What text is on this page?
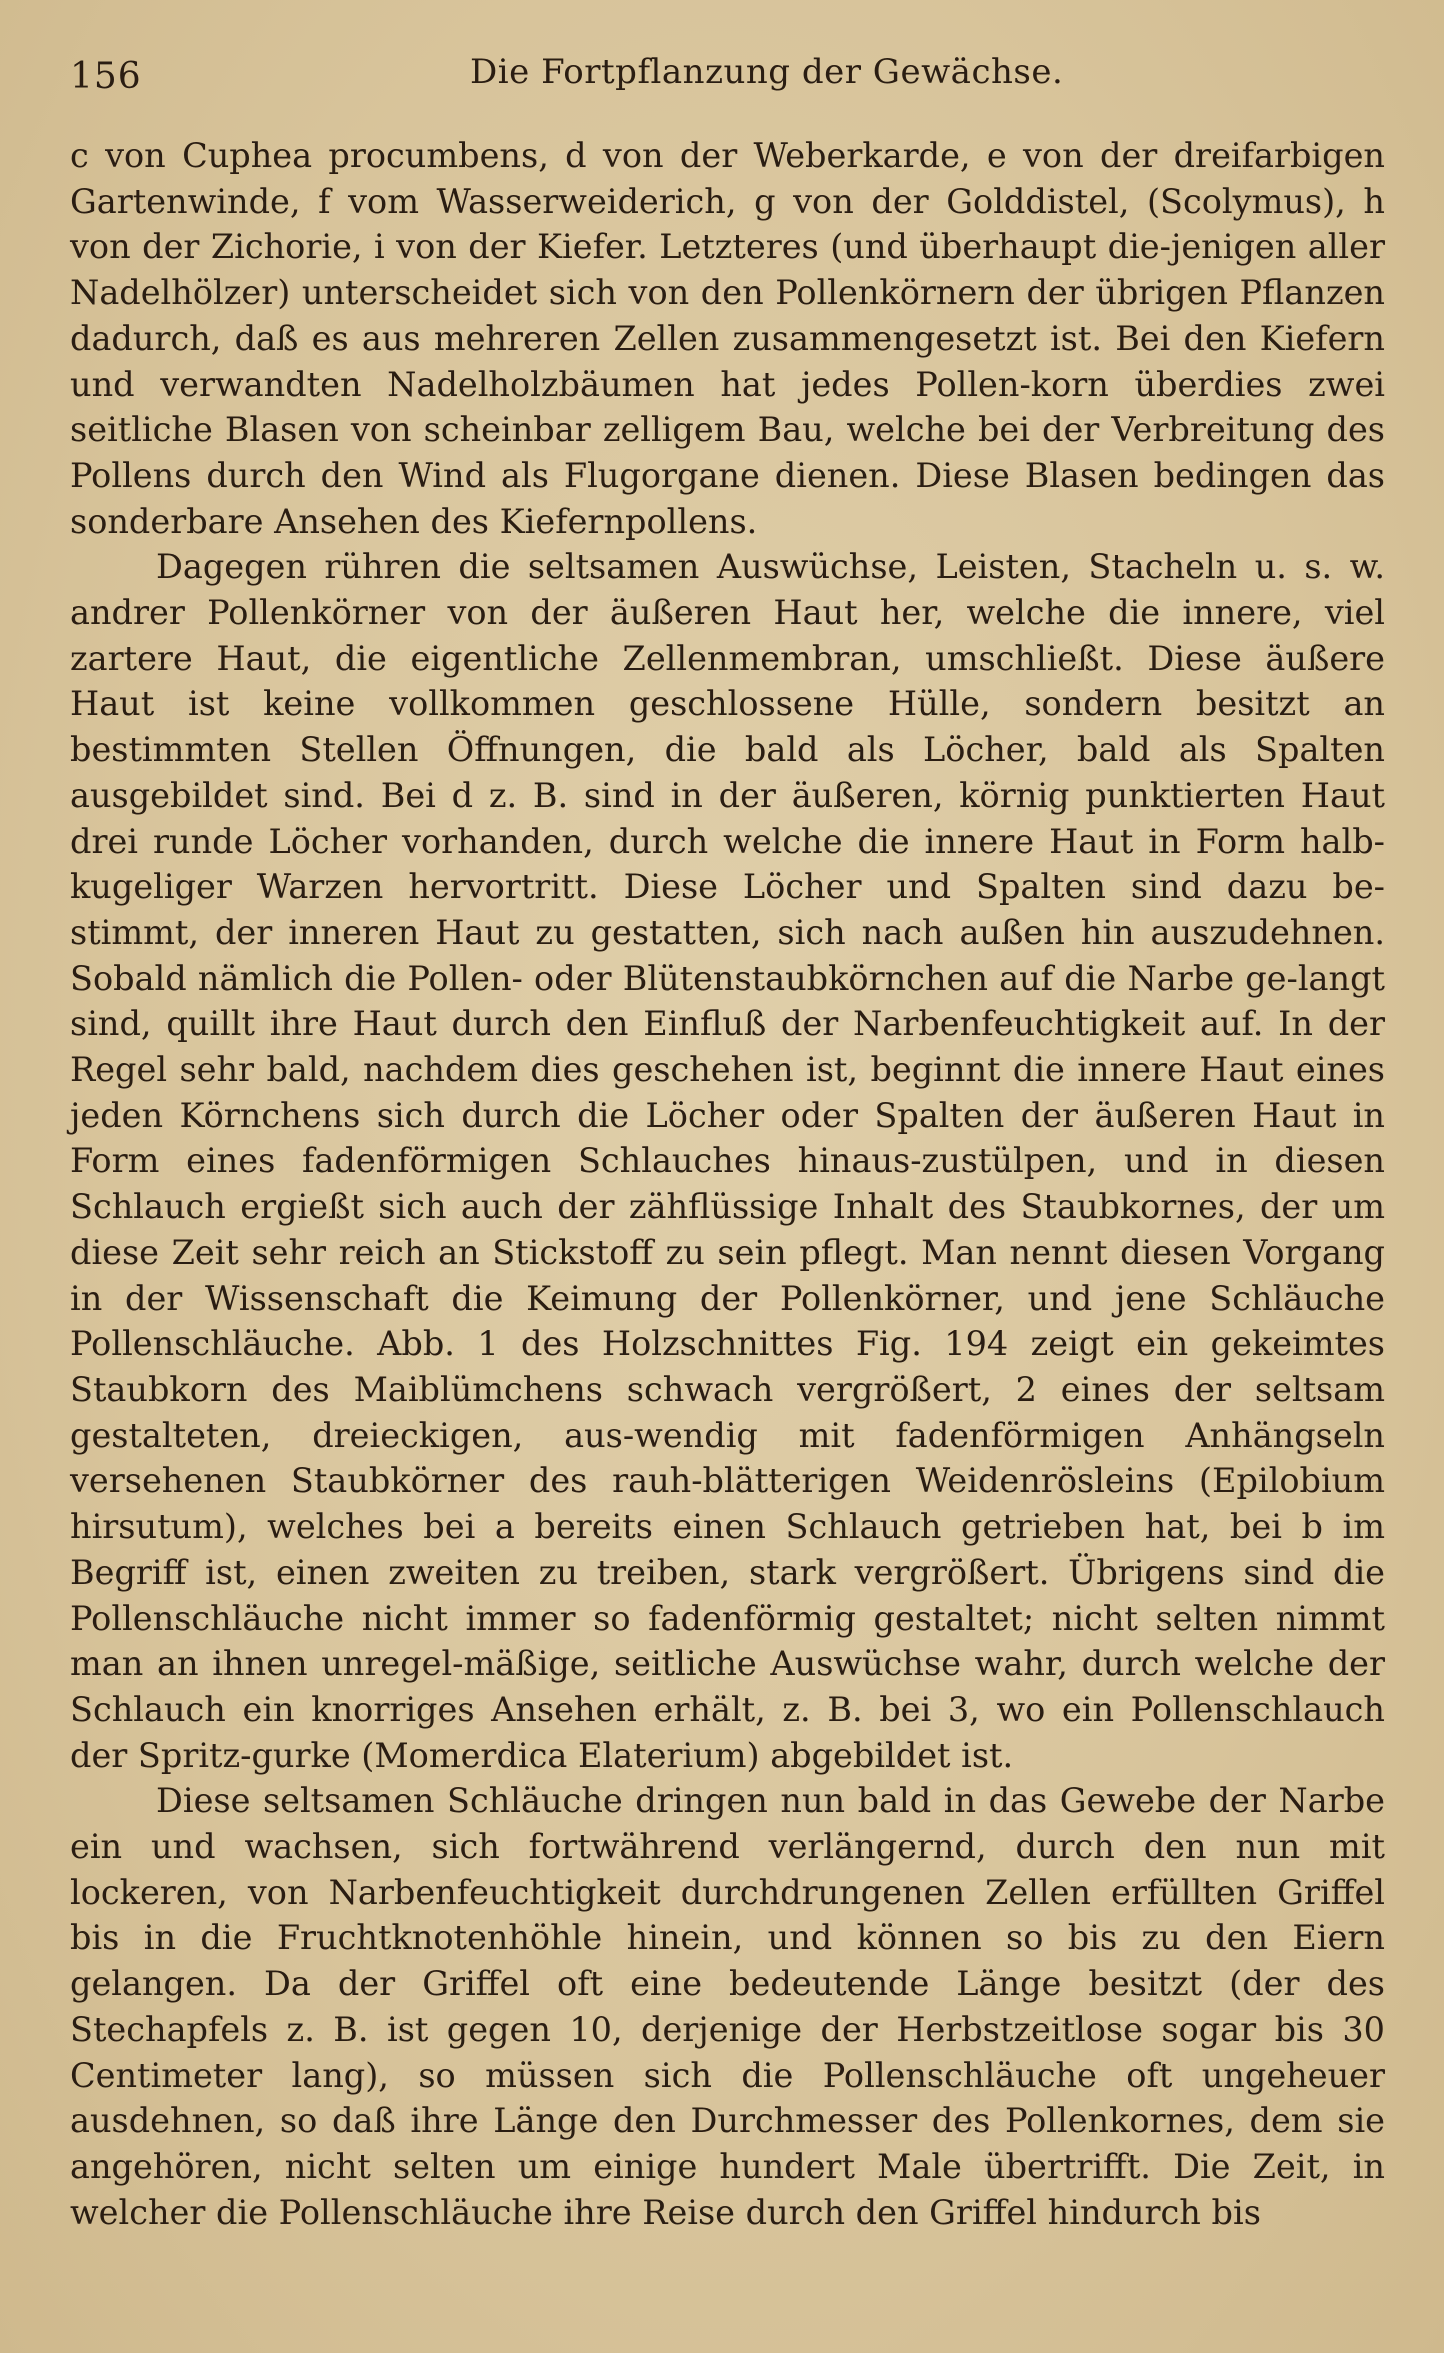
156	Die Fortpflanzung der Gewächse.

c von Cuphea procumbens, d von der Weberkarde, e von der dreifarbigen Gartenwinde, f vom Wasserweiderich, g von der Golddistel, (Scolymus), h von der Zichorie, i von der Kiefer. Letzteres (und überhaupt die-jenigen aller Nadelhölzer) unterscheidet sich von den Pollenkörnern der übrigen Pflanzen dadurch, daß es aus mehreren Zellen zusammengesetzt ist. Bei den Kiefern und verwandten Nadelholzbäumen hat jedes Pollen-korn überdies zwei seitliche Blasen von scheinbar zelligem Bau, welche bei der Verbreitung des Pollens durch den Wind als Flugorgane dienen. Diese Blasen bedingen das sonderbare Ansehen des Kiefernpollens.

Dagegen rühren die seltsamen Auswüchse, Leisten, Stacheln u. s. w. andrer Pollenkörner von der äußeren Haut her, welche die innere, viel zartere Haut, die eigentliche Zellenmembran, umschließt. Diese äußere Haut ist keine vollkommen geschlossene Hülle, sondern besitzt an bestimmten Stellen Öffnungen, die bald als Löcher, bald als Spalten ausgebildet sind. Bei d z. B. sind in der äußeren, körnig punktierten Haut drei runde Löcher vorhanden, durch welche die innere Haut in Form halb-kugeliger Warzen hervortritt. Diese Löcher und Spalten sind dazu be-stimmt, der inneren Haut zu gestatten, sich nach außen hin auszudehnen. Sobald nämlich die Pollen- oder Blütenstaubkörnchen auf die Narbe ge-langt sind, quillt ihre Haut durch den Einfluß der Narbenfeuchtigkeit auf. In der Regel sehr bald, nachdem dies geschehen ist, beginnt die innere Haut eines jeden Körnchens sich durch die Löcher oder Spalten der äußeren Haut in Form eines fadenförmigen Schlauches hinaus-zustülpen, und in diesen Schlauch ergießt sich auch der zähflüssige Inhalt des Staubkornes, der um diese Zeit sehr reich an Stickstoff zu sein pflegt. Man nennt diesen Vorgang in der Wissenschaft die Keimung der Pollenkörner, und jene Schläuche Pollenschläuche. Abb. 1 des Holzschnittes Fig. 194 zeigt ein gekeimtes Staubkorn des Maiblümchens schwach vergrößert, 2 eines der seltsam gestalteten, dreieckigen, aus-wendig mit fadenförmigen Anhängseln versehenen Staubkörner des rauh-blätterigen Weidenrösleins (Epilobium hirsutum), welches bei a bereits einen Schlauch getrieben hat, bei b im Begriff ist, einen zweiten zu treiben, stark vergrößert. Übrigens sind die Pollenschläuche nicht immer so fadenförmig gestaltet; nicht selten nimmt man an ihnen unregel-mäßige, seitliche Auswüchse wahr, durch welche der Schlauch ein knorriges Ansehen erhält, z. B. bei 3, wo ein Pollenschlauch der Spritz-gurke (Momerdica Elaterium) abgebildet ist.

Diese seltsamen Schläuche dringen nun bald in das Gewebe der Narbe ein und wachsen, sich fortwährend verlängernd, durch den nun mit lockeren, von Narbenfeuchtigkeit durchdrungenen Zellen erfüllten Griffel bis in die Fruchtknotenhöhle hinein, und können so bis zu den Eiern gelangen. Da der Griffel oft eine bedeutende Länge besitzt (der des Stechapfels z. B. ist gegen 10, derjenige der Herbstzeitlose sogar bis 30 Centimeter lang), so müssen sich die Pollenschläuche oft ungeheuer ausdehnen, so daß ihre Länge den Durchmesser des Pollenkornes, dem sie angehören, nicht selten um einige hundert Male übertrifft. Die Zeit, in welcher die Pollenschläuche ihre Reise durch den Griffel hindurch bis
